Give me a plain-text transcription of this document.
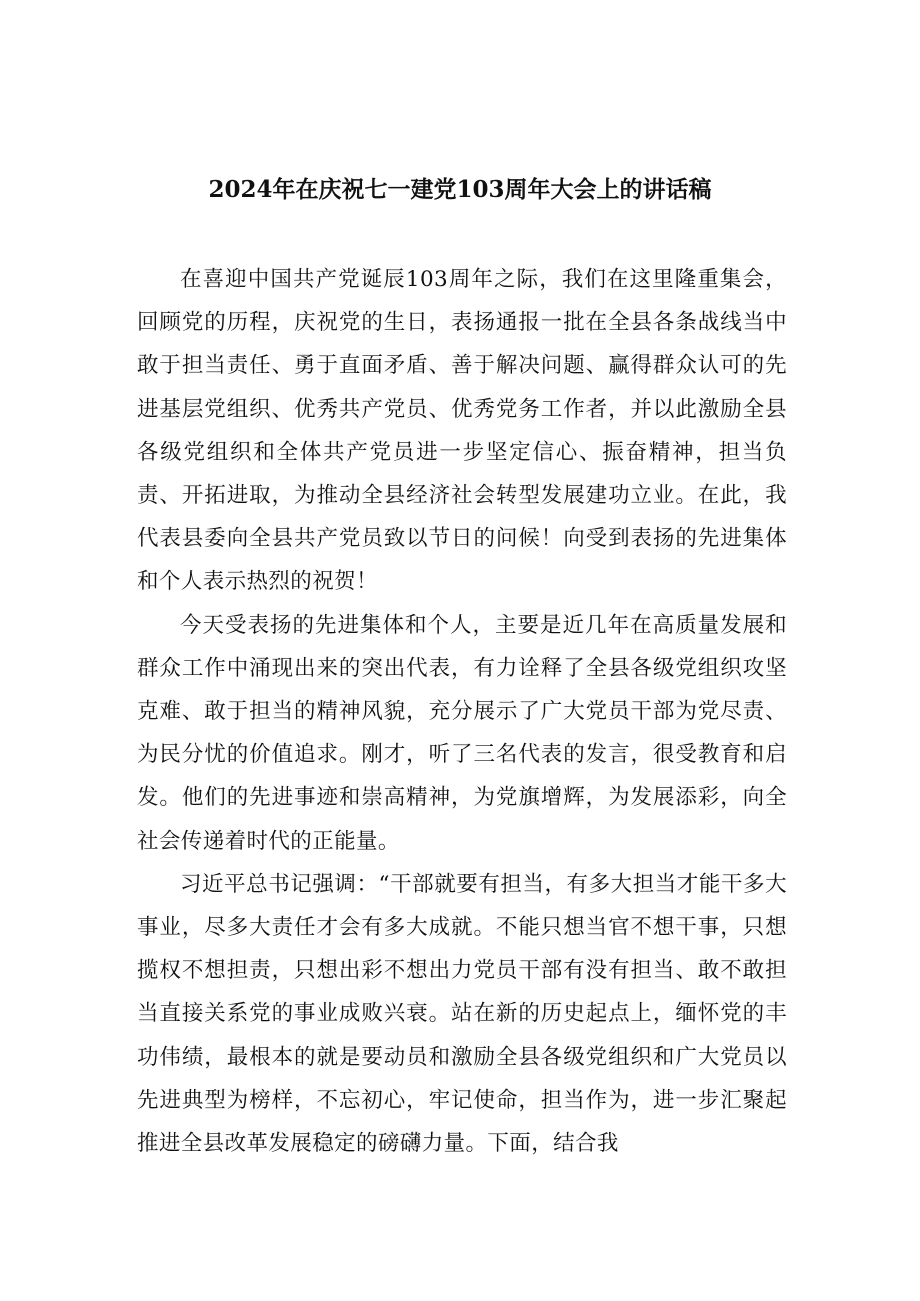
2024年在庆祝七一建党103周年大会上的讲话稿

在喜迎中国共产党诞辰103周年之际，我们在这里隆重集会，回顾党的历程，庆祝党的生日，表扬通报一批在全县各条战线当中敢于担当责任、勇于直面矛盾、善于解决问题、赢得群众认可的先进基层党组织、优秀共产党员、优秀党务工作者，并以此激励全县各级党组织和全体共产党员进一步坚定信心、振奋精神，担当负责、开拓进取，为推动全县经济社会转型发展建功立业。在此，我代表县委向全县共产党员致以节日的问候！向受到表扬的先进集体和个人表示热烈的祝贺！

今天受表扬的先进集体和个人，主要是近几年在高质量发展和群众工作中涌现出来的突出代表，有力诠释了全县各级党组织攻坚克难、敢于担当的精神风貌，充分展示了广大党员干部为党尽责、为民分忧的价值追求。刚才，听了三名代表的发言，很受教育和启发。他们的先进事迹和崇高精神，为党旗增辉，为发展添彩，向全社会传递着时代的正能量。

习近平总书记强调：“干部就要有担当，有多大担当才能干多大事业，尽多大责任才会有多大成就。不能只想当官不想干事，只想揽权不想担责，只想出彩不想出力党员干部有没有担当、敢不敢担当直接关系党的事业成败兴衰。站在新的历史起点上，缅怀党的丰功伟绩，最根本的就是要动员和激励全县各级党组织和广大党员以先进典型为榜样，不忘初心，牢记使命，担当作为，进一步汇聚起推进全县改革发展稳定的磅礴力量。下面，结合我
